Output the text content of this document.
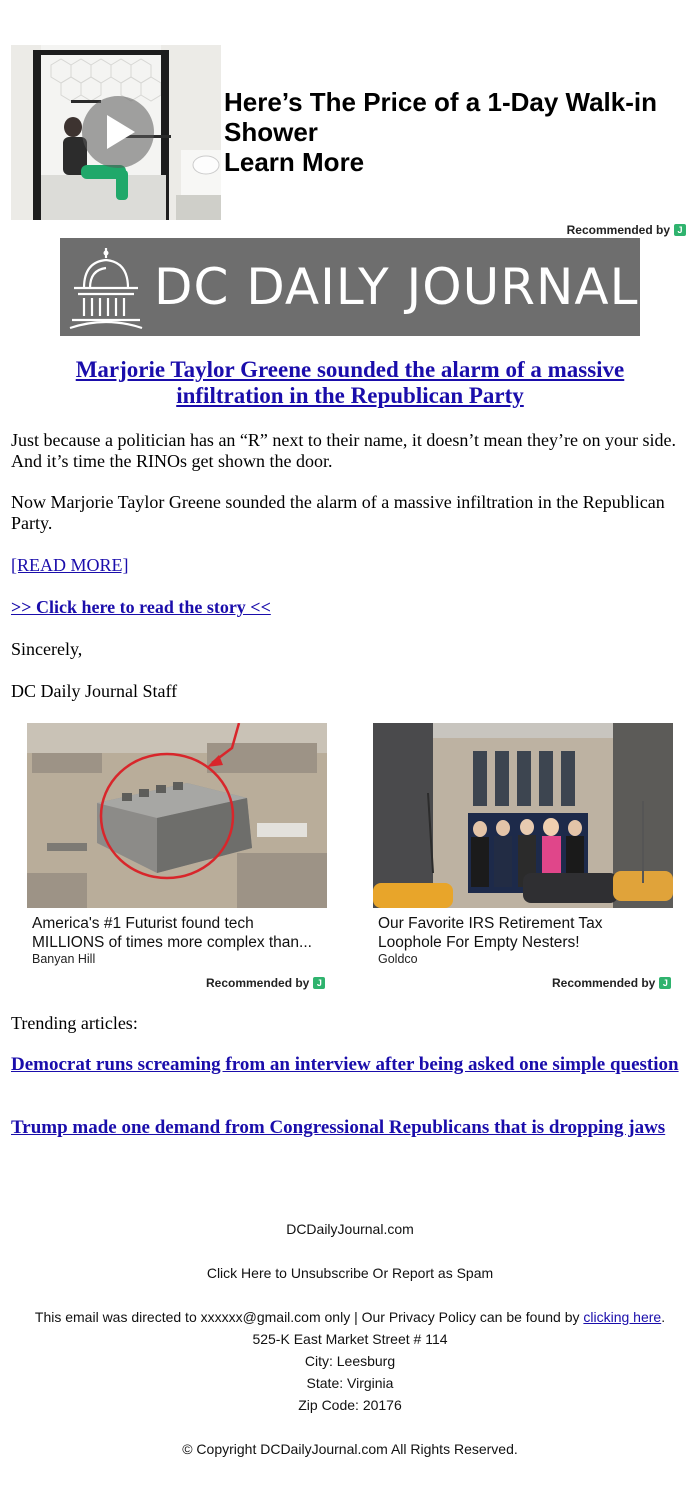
Here’s The Price of a 1-Day Walk-in Shower
Learn More
Recommended by J
DC DAILY JOURNAL
Marjorie Taylor Greene sounded the alarm of a massive infiltration in the Republican Party
Just because a politician has an “R” next to their name, it doesn’t mean they’re on your side. And it’s time the RINOs get shown the door.
Now Marjorie Taylor Greene sounded the alarm of a massive infiltration in the Republican Party.
[READ MORE]
>> Click here to read the story <<
Sincerely,
DC Daily Journal Staff
America's #1 Futurist found tech MILLIONS of times more complex than...
Banyan Hill
Recommended by J
Our Favorite IRS Retirement Tax Loophole For Empty Nesters!
Goldco
Recommended by J
Trending articles:
Democrat runs screaming from an interview after being asked one simple question
Trump made one demand from Congressional Republicans that is dropping jaws
DCDailyJournal.com
Click Here to Unsubscribe Or Report as Spam
This email was directed to xxxxxx@gmail.com only | Our Privacy Policy can be found by clicking here.
525-K East Market Street # 114
City: Leesburg
State: Virginia
Zip Code: 20176
© Copyright DCDailyJournal.com All Rights Reserved.
